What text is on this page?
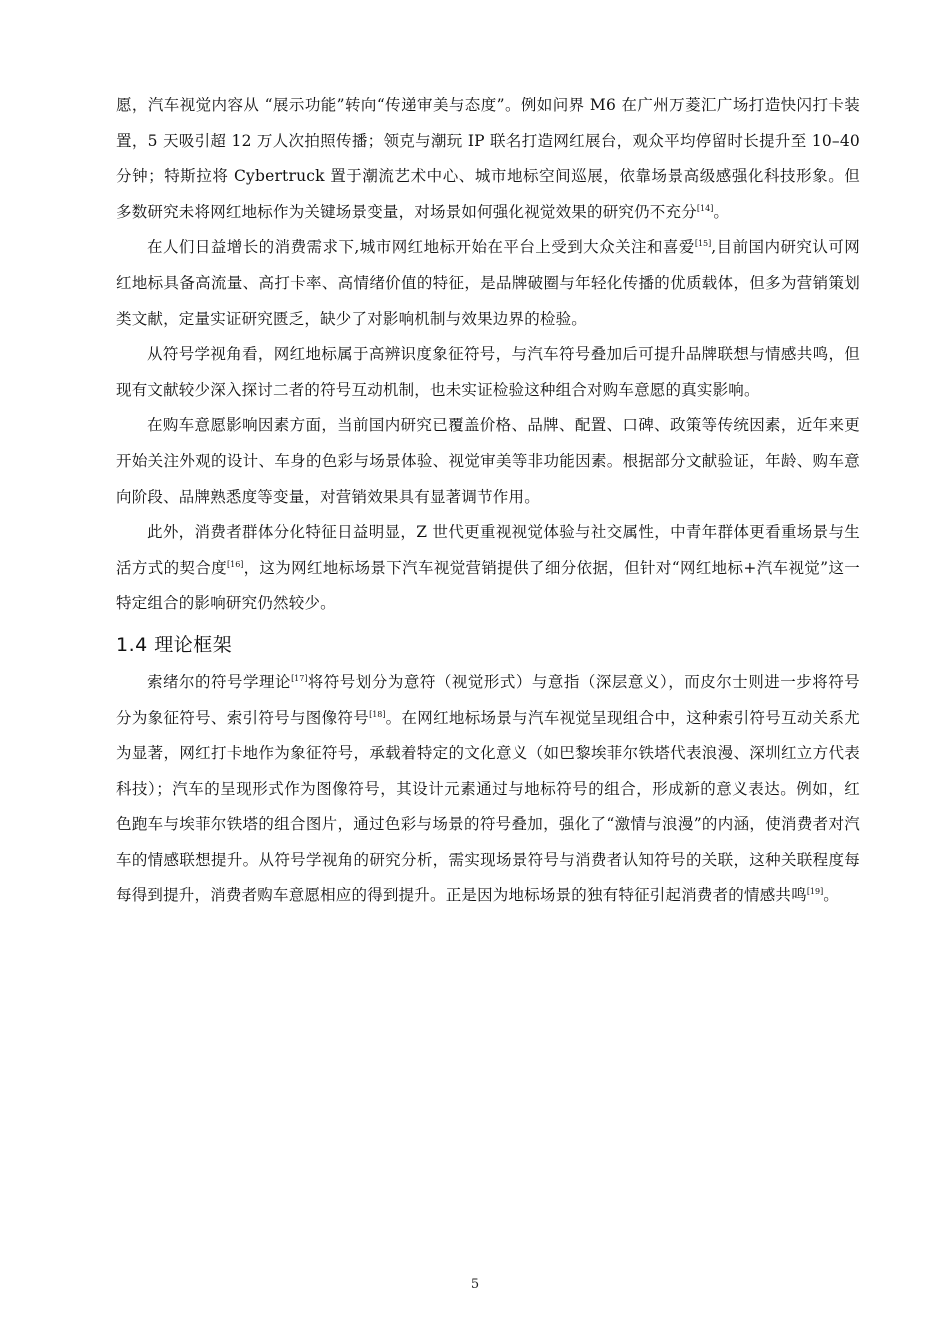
愿，汽车视觉内容从 “展示功能”转向“传递审美与态度”。例如问界 M6 在广州万菱汇广场打造快闪打卡装置，5 天吸引超 12 万人次拍照传播；领克与潮玩 IP 联名打造网红展台，观众平均停留时长提升至 10–40 分钟；特斯拉将 Cybertruck 置于潮流艺术中心、城市地标空间巡展，依靠场景高级感强化科技形象。但多数研究未将网红地标作为关键场景变量，对场景如何强化视觉效果的研究仍不充分[14]。

在人们日益增长的消费需求下,城市网红地标开始在平台上受到大众关注和喜爱[15],目前国内研究认可网红地标具备高流量、高打卡率、高情绪价值的特征，是品牌破圈与年轻化传播的优质载体，但多为营销策划类文献，定量实证研究匮乏，缺少了对影响机制与效果边界的检验。

从符号学视角看，网红地标属于高辨识度象征符号，与汽车符号叠加后可提升品牌联想与情感共鸣，但现有文献较少深入探讨二者的符号互动机制，也未实证检验这种组合对购车意愿的真实影响。

在购车意愿影响因素方面，当前国内研究已覆盖价格、品牌、配置、口碑、政策等传统因素，近年来更开始关注外观的设计、车身的色彩与场景体验、视觉审美等非功能因素。根据部分文献验证，年龄、购车意向阶段、品牌熟悉度等变量，对营销效果具有显著调节作用。

此外，消费者群体分化特征日益明显，Z 世代更重视视觉体验与社交属性，中青年群体更看重场景与生活方式的契合度[16]，这为网红地标场景下汽车视觉营销提供了细分依据，但针对“网红地标+汽车视觉”这一特定组合的影响研究仍然较少。

1.4 理论框架

索绪尔的符号学理论[17]将符号划分为意符（视觉形式）与意指（深层意义），而皮尔士则进一步将符号分为象征符号、索引符号与图像符号[18]。在网红地标场景与汽车视觉呈现组合中，这种索引符号互动关系尤为显著，网红打卡地作为象征符号，承载着特定的文化意义（如巴黎埃菲尔铁塔代表浪漫、深圳红立方代表科技）；汽车的呈现形式作为图像符号，其设计元素通过与地标符号的组合，形成新的意义表达。例如，红色跑车与埃菲尔铁塔的组合图片，通过色彩与场景的符号叠加，强化了“激情与浪漫”的内涵，使消费者对汽车的情感联想提升。从符号学视角的研究分析，需实现场景符号与消费者认知符号的关联，这种关联程度每每得到提升，消费者购车意愿相应的得到提升。正是因为地标场景的独有特征引起消费者的情感共鸣[19]。

5
